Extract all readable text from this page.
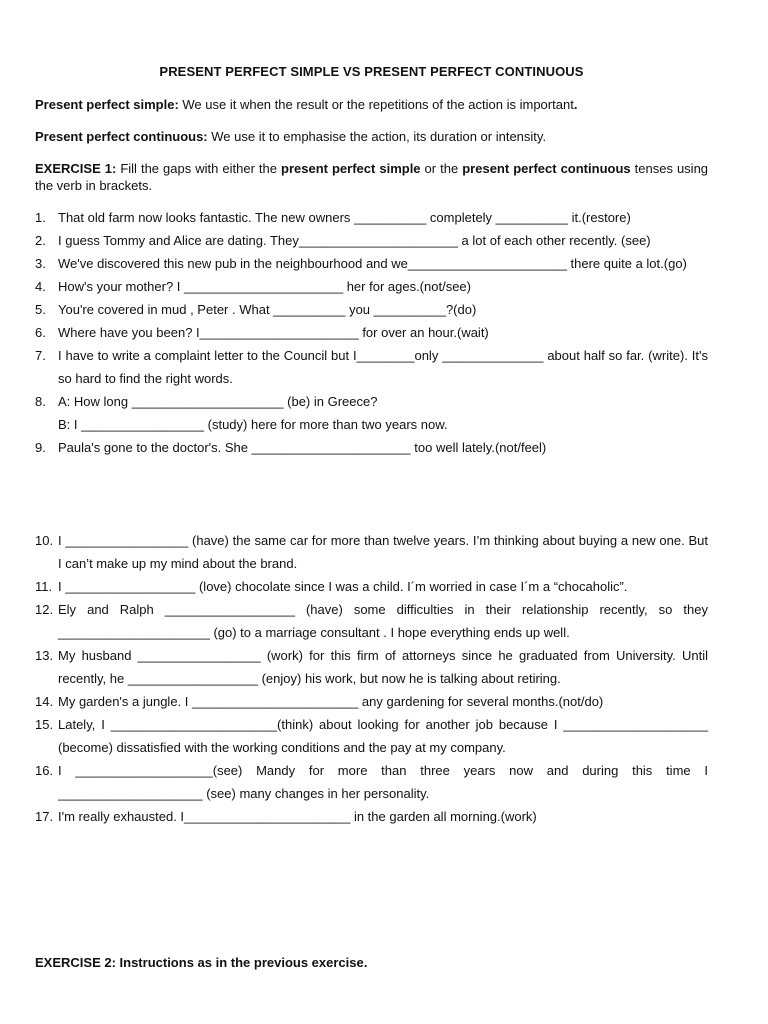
PRESENT PERFECT SIMPLE VS PRESENT PERFECT CONTINUOUS
Present perfect simple: We use it when the result or the repetitions of the action is important.
Present perfect continuous: We use it to emphasise the action, its duration or intensity.
EXERCISE 1: Fill the gaps with either the present perfect simple or the present perfect continuous tenses using the verb in brackets.
1. That old farm now looks fantastic. The new owners __________ completely __________ it.(restore)
2. I guess Tommy and Alice are dating. They______________________ a lot of each other recently. (see)
3. We've discovered this new pub in the neighbourhood and we______________________ there quite a lot.(go)
4. How's your mother? I ______________________ her for ages.(not/see)
5. You're covered in mud , Peter . What __________ you __________?(do)
6. Where have you been? I______________________ for over an hour.(wait)
7. I have to write a complaint letter to the Council but I________only ______________ about half so far. (write). It's so hard to find the right words.
8. A: How long _____________________ (be) in Greece?
B: I _________________ (study) here for more than two years now.
9. Paula's gone to the doctor's. She ______________________ too well lately.(not/feel)
10. I _________________ (have) the same car for more than twelve years. I’m thinking about buying a new one. But I can’t make up my mind about the brand.
11. I __________________ (love) chocolate since I was a child. I´m worried in case I´m a “chocaholic”.
12. Ely and Ralph __________________ (have) some difficulties in their relationship recently, so they _____________________ (go) to a marriage consultant . I hope everything ends up well.
13. My husband _________________ (work) for this firm of attorneys since he graduated from University. Until recently, he __________________ (enjoy) his work, but now he is talking about retiring.
14. My garden's a jungle. I _______________________ any gardening for several months.(not/do)
15. Lately, I _______________________(think) about looking for another job because I ____________________ (become) dissatisfied with the working conditions and the pay at my company.
16. I ___________________(see) Mandy for more than three years now and during this time I ____________________ (see) many changes in her personality.
17. I'm really exhausted. I_______________________ in the garden all morning.(work)
EXERCISE 2: Instructions as in the previous exercise.
